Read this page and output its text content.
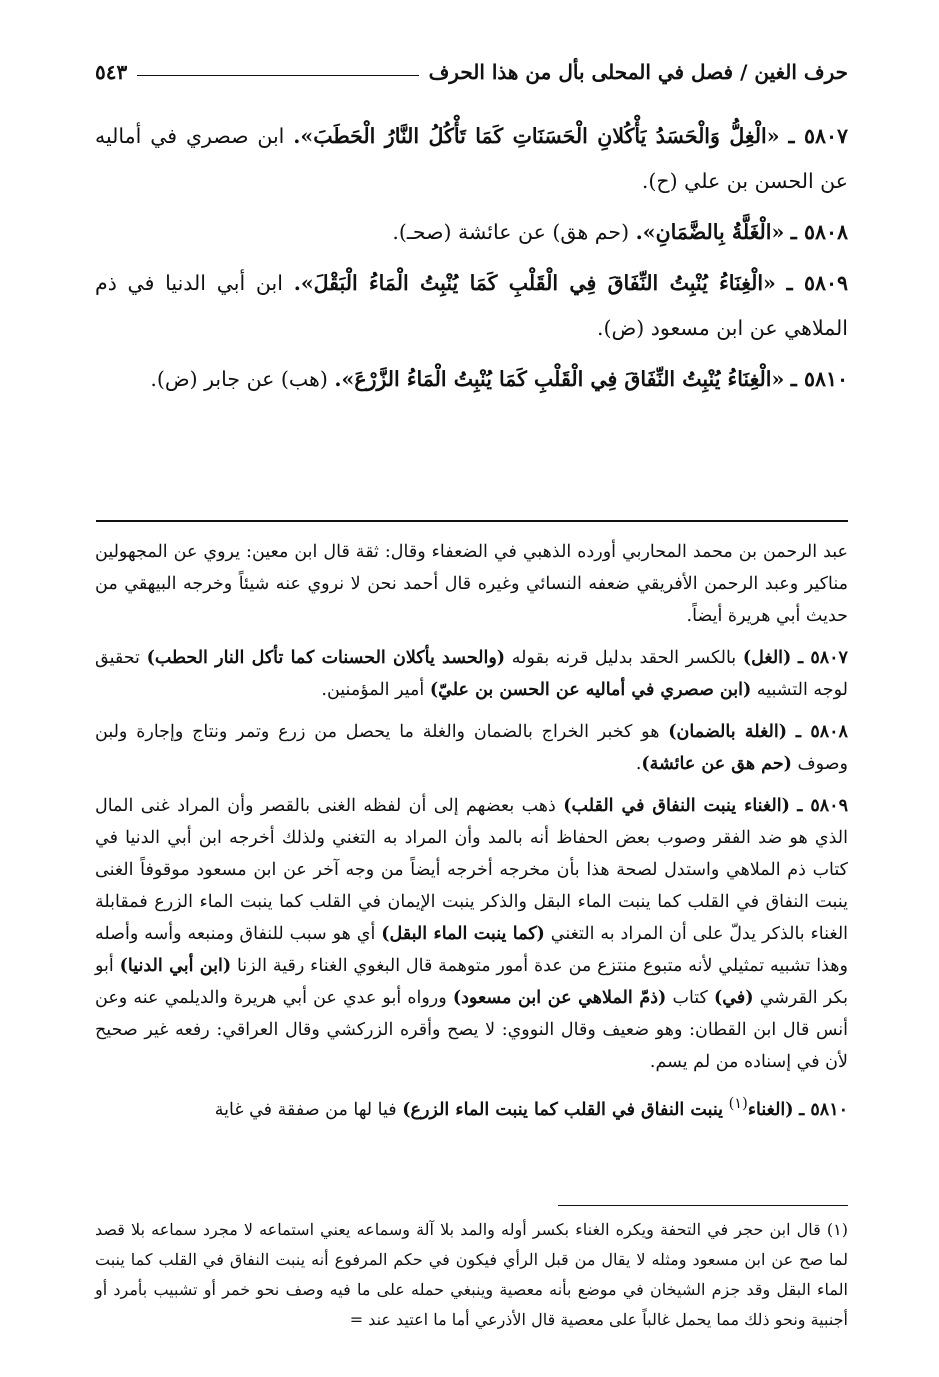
حرف الغين / فصل في المحلى بأل من هذا الحرف
٥٤٣

٥٨٠٧ ـ «الْغِلُّ وَالْحَسَدُ يَأْكُلانِ الْحَسَنَاتِ كَمَا تَأْكُلُ النَّارُ الْحَطَبَ». ابن صصري في أماليه عن الحسن بن علي (ح).

٥٨٠٨ ـ «الْغَلَّةُ بِالضَّمَانِ». (حم هق) عن عائشة (صحـ).

٥٨٠٩ ـ «الْغِنَاءُ يُنْبِتُ النِّفَاقَ فِي الْقَلْبِ كَمَا يُنْبِتُ الْمَاءُ الْبَقْلَ». ابن أبي الدنيا في ذم الملاهي عن ابن مسعود (ض).

٥٨١٠ ـ «الْغِنَاءُ يُنْبِتُ النِّفَاقَ فِي الْقَلْبِ كَمَا يُنْبِتُ الْمَاءُ الزَّرْعَ». (هب) عن جابر (ض).

عبد الرحمن بن محمد المحاربي أورده الذهبي في الضعفاء وقال: ثقة قال ابن معين: يروي عن المجهولين مناكير وعبد الرحمن الأفريقي ضعفه النسائي وغيره قال أحمد نحن لا نروي عنه شيئاً وخرجه البيهقي من حديث أبي هريرة أيضاً.

٥٨٠٧ ـ (الغل) بالكسر الحقد بدليل قرنه بقوله (والحسد يأكلان الحسنات كما تأكل النار الحطب) تحقيق لوجه التشبيه (ابن صصري في أماليه عن الحسن بن عليّ) أمير المؤمنين.

٥٨٠٨ ـ (الغلة بالضمان) هو كخبر الخراج بالضمان والغلة ما يحصل من زرع وتمر ونتاج وإجارة ولبن وصوف (حم هق عن عائشة).

٥٨٠٩ ـ (الغناء ينبت النفاق في القلب) ذهب بعضهم إلى أن لفظه الغنى بالقصر وأن المراد غنى المال الذي هو ضد الفقر وصوب بعض الحفاظ أنه بالمد وأن المراد به التغني ولذلك أخرجه ابن أبي الدنيا في كتاب ذم الملاهي واستدل لصحة هذا بأن مخرجه أخرجه أيضاً من وجه آخر عن ابن مسعود موقوفاً الغنى ينبت النفاق في القلب كما ينبت الماء البقل والذكر ينبت الإيمان في القلب كما ينبت الماء الزرع فمقابلة الغناء بالذكر يدلّ على أن المراد به التغني (كما ينبت الماء البقل) أي هو سبب للنفاق ومنبعه وأسه وأصله وهذا تشبيه تمثيلي لأنه متبوع منتزع من عدة أمور متوهمة قال البغوي الغناء رقية الزنا (ابن أبي الدنيا) أبو بكر القرشي (في) كتاب (ذمّ الملاهي عن ابن مسعود) ورواه أبو عدي عن أبي هريرة والديلمي عنه وعن أنس قال ابن القطان: وهو ضعيف وقال النووي: لا يصح وأقره الزركشي وقال العراقي: رفعه غير صحيح لأن في إسناده من لم يسم.

٥٨١٠ ـ (الغناء$^{(١)}$ ينبت النفاق في القلب كما ينبت الماء الزرع) فيا لها من صفقة في غاية

(١) قال ابن حجر في التحفة ويكره الغناء بكسر أوله والمد بلا آلة وسماعه يعني استماعه لا مجرد سماعه بلا قصد لما صح عن ابن مسعود ومثله لا يقال من قبل الرأي فيكون في حكم المرفوع أنه ينبت النفاق في القلب كما ينبت الماء البقل وقد جزم الشيخان في موضع بأنه معصية وينبغي حمله على ما فيه وصف نحو خمر أو تشبيب بأمرد أو أجنبية ونحو ذلك مما يحمل غالباً على معصية قال الأذرعي أما ما اعتيد عند =
